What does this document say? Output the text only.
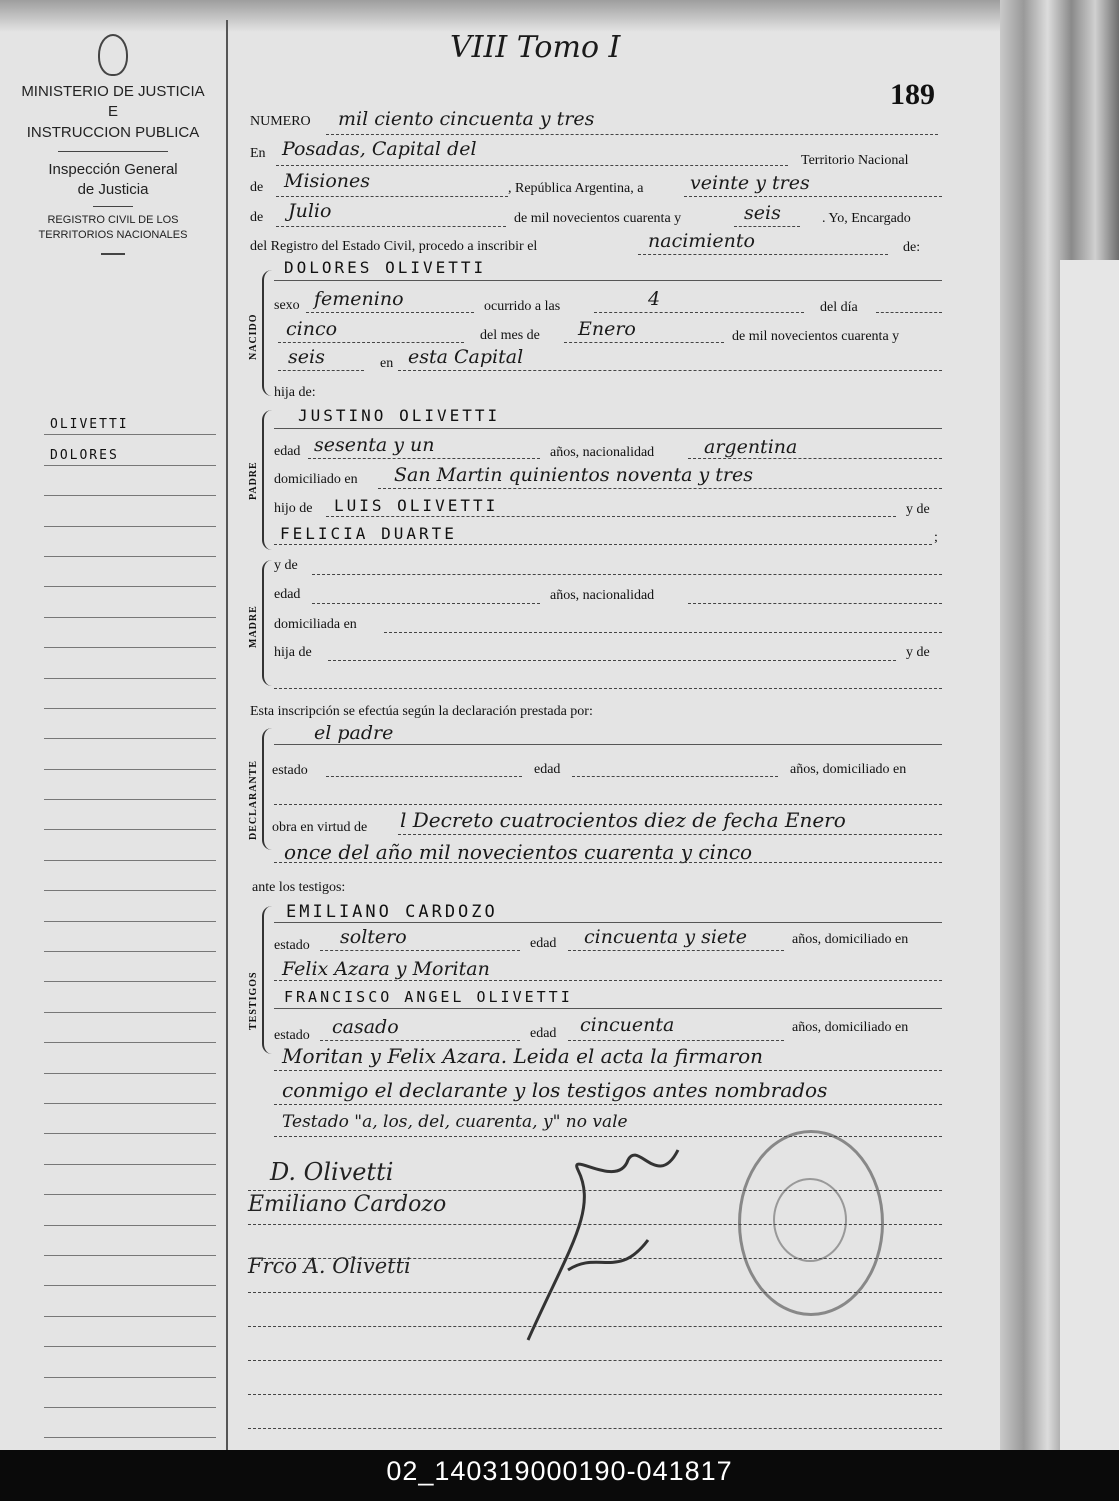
MINISTERIO DE JUSTICIA
E
INSTRUCCION PUBLICA
Inspección General
de Justicia
REGISTRO CIVIL DE LOS
TERRITORIOS NACIONALES
OLIVETTI
DOLORES
VIII Tomo I
189
NUMERO mil ciento cincuenta y tres
En Posadas, Capital del
Territorio Nacional
de Misiones	, República Argentina, a veinte y tres
de Julio	de mil novecientos cuarenta y	seis	. Yo, Encargado
del Registro del Estado Civil, procedo a inscribir el	nacimiento	de:
DOLORES OLIVETTI
NACIDO
sexo femenino	ocurrido a las	4	del día
cinco	del mes de Enero	de mil novecientos cuarenta y
seis	en esta Capital
hija de:
JUSTINO OLIVETTI
PADRE
edad sesenta y un	años, nacionalidad	argentina
domiciliado en San Martin quinientos noventa y tres
hijo de LUIS OLIVETTI	y de
FELICIA DUARTE	;
MADRE
y de
edad	años, nacionalidad
domiciliada en
hija de	y de
Esta inscripción se efectúa según la declaración prestada por:
DECLARANTE
el padre
estado	edad	años, domiciliado en
obra en virtud de l Decreto cuatrocientos diez de fecha Enero
once del año mil novecientos cuarenta y cinco
ante los testigos:
TESTIGOS
EMILIANO CARDOZO
estado soltero	edad cincuenta y siete	años, domiciliado en
Felix Azara y Moritan
FRANCISCO ANGEL OLIVETTI
estado casado	edad cincuenta	años, domiciliado en
Moritan y Felix Azara. Leida el acta la firmaron
conmigo el declarante y los testigos antes nombrados
Testado "a, los, del, cuarenta, y" no vale
D. Olivetti
Emiliano Cardozo
Frco A. Olivetti
02_140319000190-041817
